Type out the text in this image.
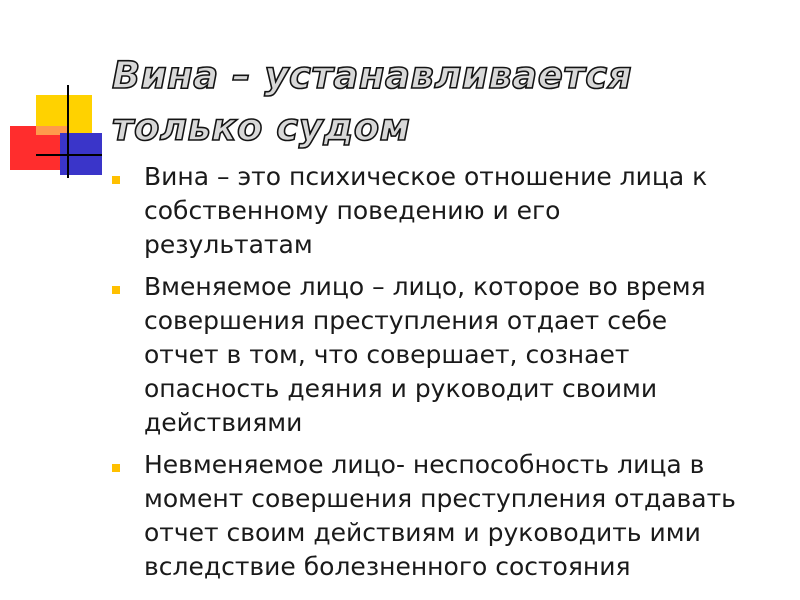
Вина – устанавливается только судом
Вина – это психическое отношение лица к
собственному поведению и его
результатам
Вменяемое лицо – лицо, которое во время
совершения преступления отдает себе
отчет в том, что совершает, сознает
опасность деяния и руководит своими
действиями
Невменяемое лицо- неспособность лица в
момент совершения преступления отдавать
отчет своим действиям и руководить ими
вследствие болезненного состояния
